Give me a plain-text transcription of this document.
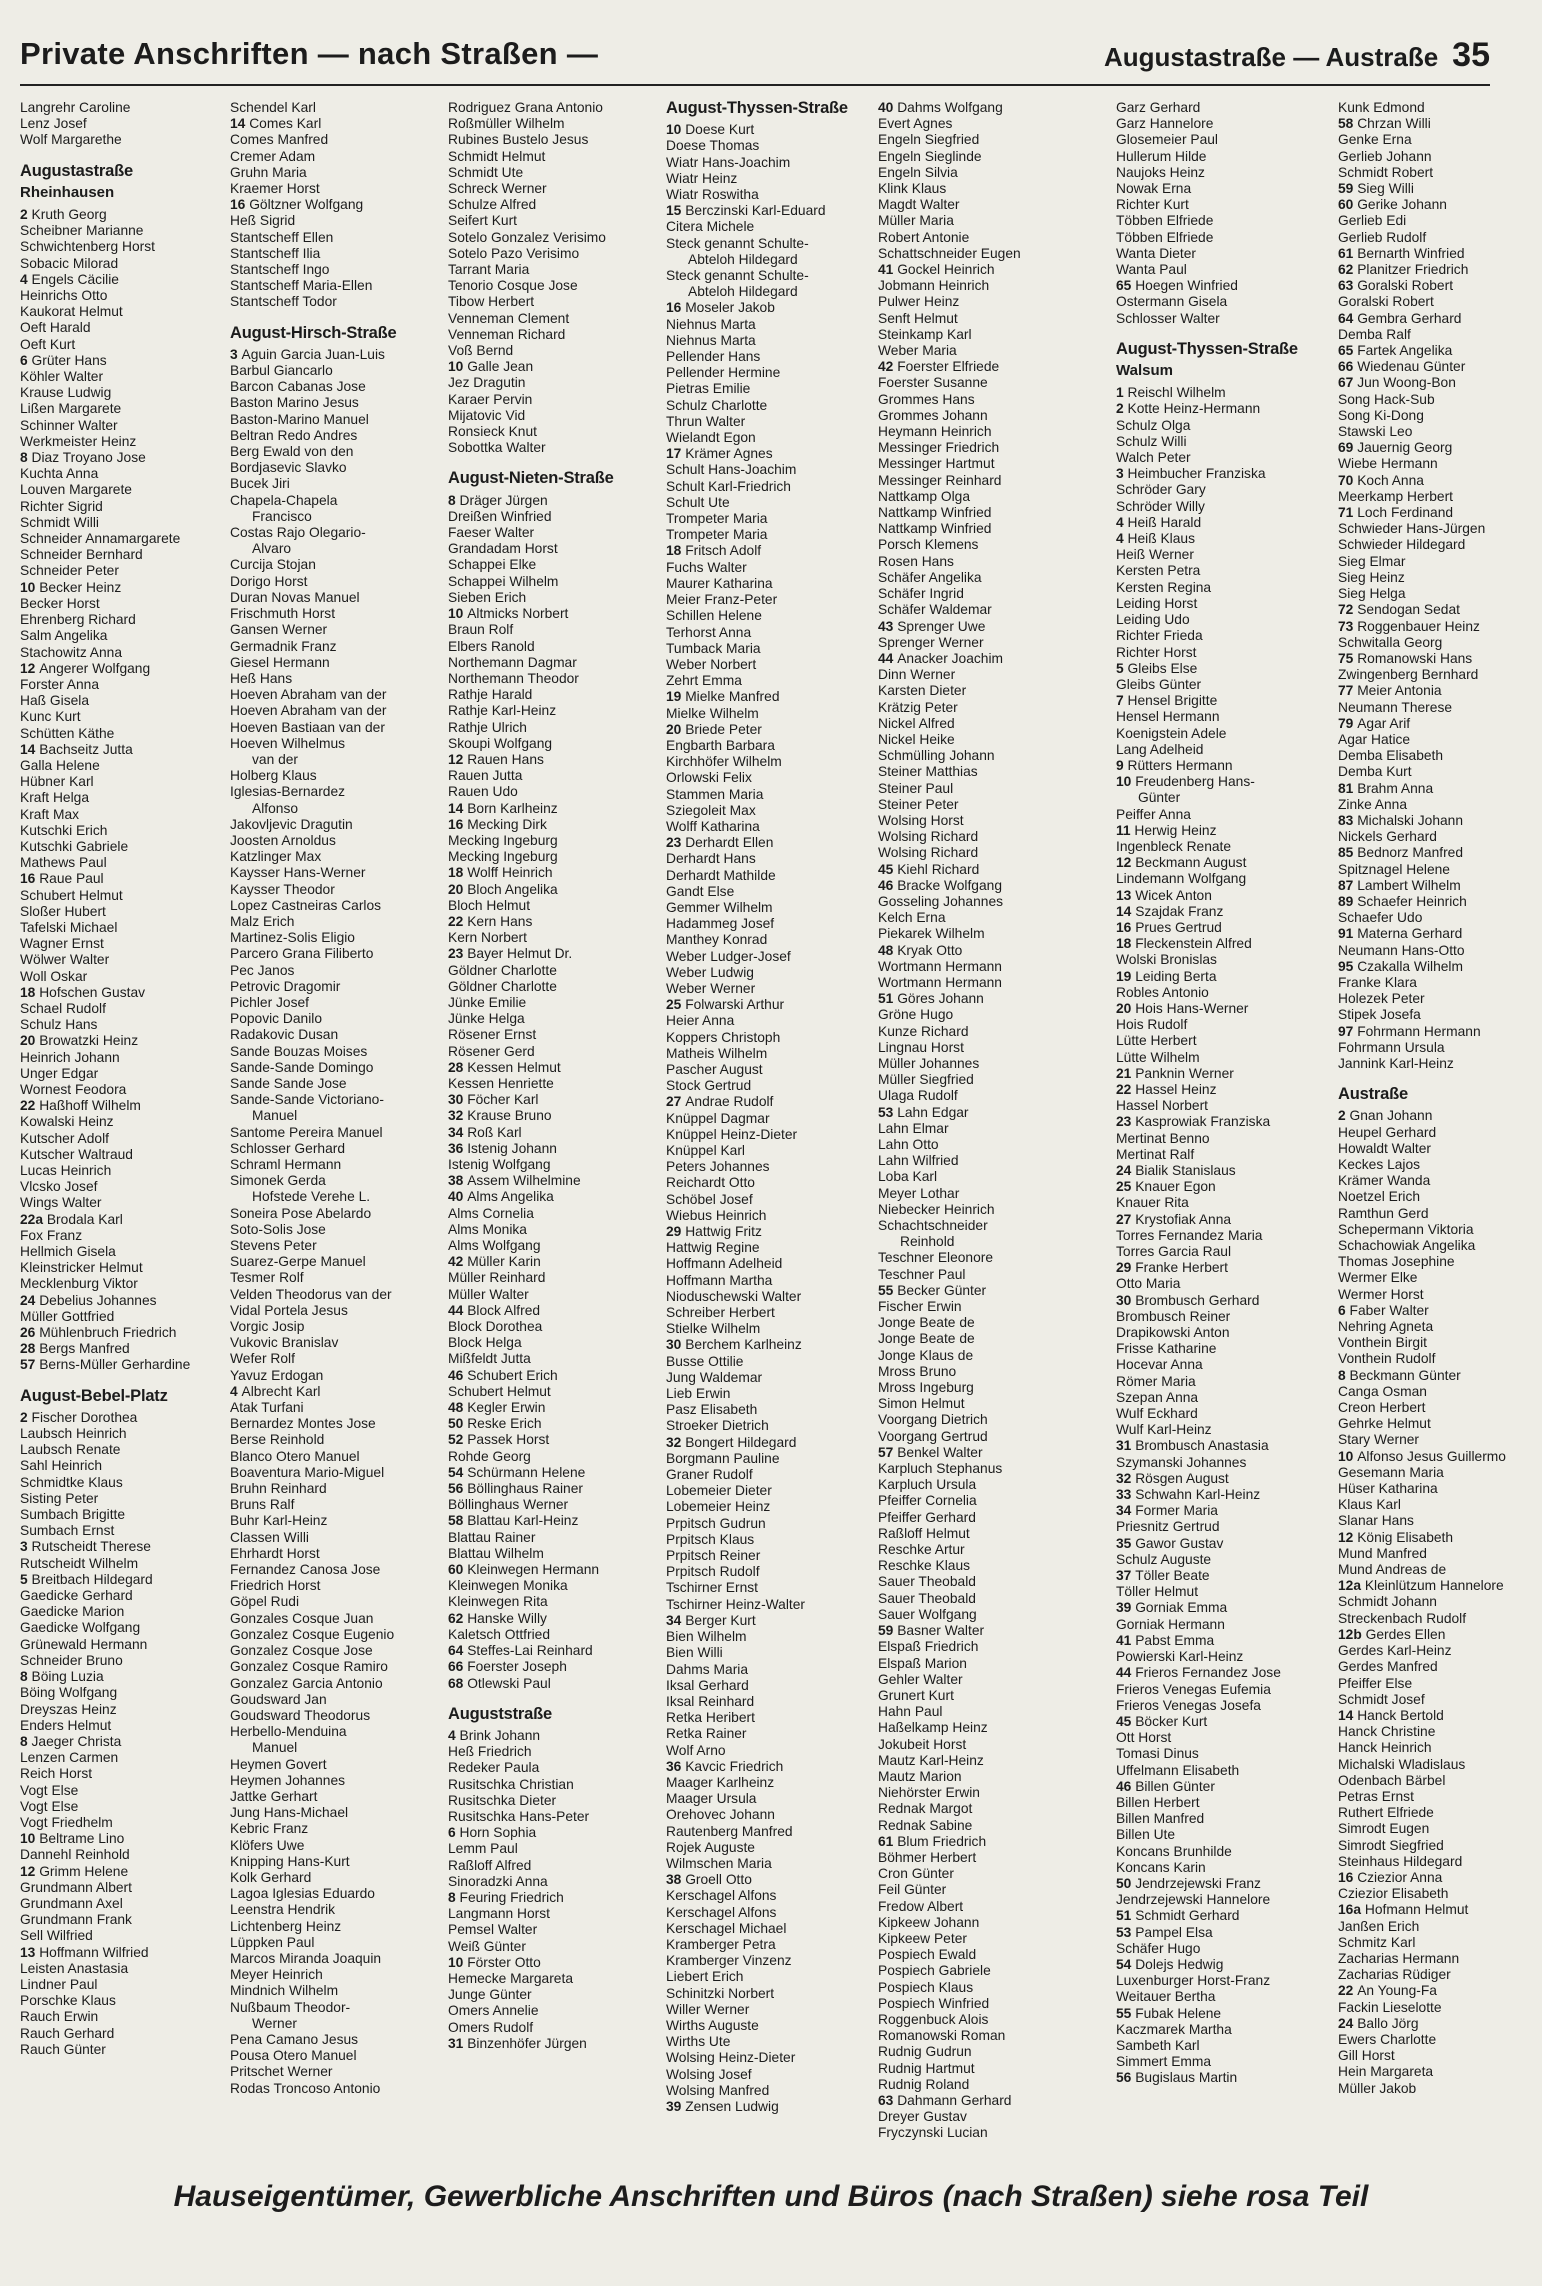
Private Anschriften — nach Straßen —	Augustastraße — Austraße 35
Langrehr Caroline
Lenz Josef
Wolf Margarethe
Augustastraße
Rheinhausen
2 Kruth Georg
Scheibner Marianne
Schwichtenberg Horst
Sobacic Milorad
4 Engels Cäcilie
Heinrichs Otto
Kaukorat Helmut
Oeft Harald
Oeft Kurt
6 Grüter Hans
Köhler Walter
Krause Ludwig
Lißen Margarete
Schinner Walter
Werkmeister Heinz
8 Diaz Troyano Jose
Kuchta Anna
Louven Margarete
Richter Sigrid
Schmidt Willi
Schneider Annamargarete
Schneider Bernhard
Schneider Peter
10 Becker Heinz
Becker Horst
Ehrenberg Richard
Salm Angelika
Stachowitz Anna
12 Angerer Wolfgang
Forster Anna
Haß Gisela
Kunc Kurt
Schütten Käthe
14 Bachseitz Jutta
Galla Helene
Hübner Karl
Kraft Helga
Kraft Max
Kutschki Erich
Kutschki Gabriele
Mathews Paul
16 Raue Paul
Schubert Helmut
Sloßer Hubert
Tafelski Michael
Wagner Ernst
Wölwer Walter
Woll Oskar
18 Hofschen Gustav
Schael Rudolf
Schulz Hans
20 Browatzki Heinz
Heinrich Johann
Unger Edgar
Wornest Feodora
22 Haßhoff Wilhelm
Kowalski Heinz
Kutscher Adolf
Kutscher Waltraud
Lucas Heinrich
Vlcsko Josef
Wings Walter
22a Brodala Karl
Fox Franz
Hellmich Gisela
Kleinstricker Helmut
Mecklenburg Viktor
24 Debelius Johannes
Müller Gottfried
26 Mühlenbruch Friedrich
28 Bergs Manfred
57 Berns-Müller Gerhardine
August-Bebel-Platz
2 Fischer Dorothea
Laubsch Heinrich
Laubsch Renate
Sahl Heinrich
Schmidtke Klaus
Sisting Peter
Sumbach Brigitte
Sumbach Ernst
3 Rutscheidt Therese
Rutscheidt Wilhelm
5 Breitbach Hildegard
Gaedicke Gerhard
Gaedicke Marion
Gaedicke Wolfgang
Grünewald Hermann
Schneider Bruno
8 Böing Luzia
Böing Wolfgang
Dreyszas Heinz
Enders Helmut
8 Jaeger Christa
Lenzen Carmen
Reich Horst
Vogt Else
Vogt Else
Vogt Friedhelm
10 Beltrame Lino
Dannehl Reinhold
12 Grimm Helene
Grundmann Albert
Grundmann Axel
Grundmann Frank
Sell Wilfried
13 Hoffmann Wilfried
Leisten Anastasia
Lindner Paul
Porschke Klaus
Rauch Erwin
Rauch Gerhard
Rauch Günter
Schendel Karl
14 Comes Karl
Comes Manfred
Cremer Adam
Gruhn Maria
Kraemer Horst
16 Göltzner Wolfgang
Heß Sigrid
Stantscheff Ellen
Stantscheff Ilia
Stantscheff Ingo
Stantscheff Maria-Ellen
Stantscheff Todor
August-Hirsch-Straße
3 Aguin Garcia Juan-Luis
Barbul Giancarlo
Barcon Cabanas Jose
Baston Marino Jesus
Baston-Marino Manuel
Beltran Redo Andres
Berg Ewald von den
Bordjasevic Slavko
Bucek Jiri
Chapela-Chapela
Francisco
Costas Rajo Olegario-
Alvaro
Curcija Stojan
Dorigo Horst
Duran Novas Manuel
Frischmuth Horst
Gansen Werner
Germadnik Franz
Giesel Hermann
Heß Hans
Hoeven Abraham van der
Hoeven Abraham van der
Hoeven Bastiaan van der
Hoeven Wilhelmus
van der
Holberg Klaus
Iglesias-Bernardez
Alfonso
Jakovljevic Dragutin
Joosten Arnoldus
Katzlinger Max
Kaysser Hans-Werner
Kaysser Theodor
Lopez Castneiras Carlos
Malz Erich
Martinez-Solis Eligio
Parcero Grana Filiberto
Pec Janos
Petrovic Dragomir
Pichler Josef
Popovic Danilo
Radakovic Dusan
Sande Bouzas Moises
Sande-Sande Domingo
Sande Sande Jose
Sande-Sande Victoriano-
Manuel
Santome Pereira Manuel
Schlosser Gerhard
Schraml Hermann
Simonek Gerda
Hofstede Verehe L.
Soneira Pose Abelardo
Soto-Solis Jose
Stevens Peter
Suarez-Gerpe Manuel
Tesmer Rolf
Velden Theodorus van der
Vidal Portela Jesus
Vorgic Josip
Vukovic Branislav
Wefer Rolf
Yavuz Erdogan
4 Albrecht Karl
Atak Turfani
Bernardez Montes Jose
Berse Reinhold
Blanco Otero Manuel
Boaventura Mario-Miguel
Bruhn Reinhard
Bruns Ralf
Buhr Karl-Heinz
Classen Willi
Ehrhardt Horst
Fernandez Canosa Jose
Friedrich Horst
Göpel Rudi
Gonzales Cosque Juan
Gonzalez Cosque Eugenio
Gonzalez Cosque Jose
Gonzalez Cosque Ramiro
Gonzalez Garcia Antonio
Goudsward Jan
Goudsward Theodorus
Herbello-Menduina
Manuel
Heymen Govert
Heymen Johannes
Jattke Gerhart
Jung Hans-Michael
Kebric Franz
Klöfers Uwe
Knipping Hans-Kurt
Kolk Gerhard
Lagoa Iglesias Eduardo
Leenstra Hendrik
Lichtenberg Heinz
Lüppken Paul
Marcos Miranda Joaquin
Meyer Heinrich
Mindnich Wilhelm
Nußbaum Theodor-
Werner
Pena Camano Jesus
Pousa Otero Manuel
Pritschet Werner
Rodas Troncoso Antonio
Rodriguez Grana Antonio
Roßmüller Wilhelm
Rubines Bustelo Jesus
Schmidt Helmut
Schmidt Ute
Schreck Werner
Schulze Alfred
Seifert Kurt
Sotelo Gonzalez Verisimo
Sotelo Pazo Verisimo
Tarrant Maria
Tenorio Cosque Jose
Tibow Herbert
Venneman Clement
Venneman Richard
Voß Bernd
10 Galle Jean
Jez Dragutin
Karaer Pervin
Mijatovic Vid
Ronsieck Knut
Sobottka Walter
August-Nieten-Straße
8 Dräger Jürgen
Dreißen Winfried
Faeser Walter
Grandadam Horst
Schappei Elke
Schappei Wilhelm
Sieben Erich
10 Altmicks Norbert
Braun Rolf
Elbers Ranold
Northemann Dagmar
Northemann Theodor
Rathje Harald
Rathje Karl-Heinz
Rathje Ulrich
Skoupi Wolfgang
12 Rauen Hans
Rauen Jutta
Rauen Udo
14 Born Karlheinz
16 Mecking Dirk
Mecking Ingeburg
Mecking Ingeburg
18 Wolff Heinrich
20 Bloch Angelika
Bloch Helmut
22 Kern Hans
Kern Norbert
23 Bayer Helmut Dr.
Göldner Charlotte
Göldner Charlotte
Jünke Emilie
Jünke Helga
Rösener Ernst
Rösener Gerd
28 Kessen Helmut
Kessen Henriette
30 Föcher Karl
32 Krause Bruno
34 Roß Karl
36 Istenig Johann
Istenig Wolfgang
38 Assem Wilhelmine
40 Alms Angelika
Alms Cornelia
Alms Monika
Alms Wolfgang
42 Müller Karin
Müller Reinhard
Müller Walter
44 Block Alfred
Block Dorothea
Block Helga
Mißfeldt Jutta
46 Schubert Erich
Schubert Helmut
48 Kegler Erwin
50 Reske Erich
52 Passek Horst
Rohde Georg
54 Schürmann Helene
56 Böllinghaus Rainer
Böllinghaus Werner
58 Blattau Karl-Heinz
Blattau Rainer
Blattau Wilhelm
60 Kleinwegen Hermann
Kleinwegen Monika
Kleinwegen Rita
62 Hanske Willy
Kaletsch Ottfried
64 Steffes-Lai Reinhard
66 Foerster Joseph
68 Otlewski Paul
Auguststraße
4 Brink Johann
Heß Friedrich
Redeker Paula
Rusitschka Christian
Rusitschka Dieter
Rusitschka Hans-Peter
6 Horn Sophia
Lemm Paul
Raßloff Alfred
Sinoradzki Anna
8 Feuring Friedrich
Langmann Horst
Pemsel Walter
Weiß Günter
10 Förster Otto
Hemecke Margareta
Junge Günter
Omers Annelie
Omers Rudolf
31 Binzenhöfer Jürgen
August-Thyssen-Straße
10 Doese Kurt
Doese Thomas
Wiatr Hans-Joachim
Wiatr Heinz
Wiatr Roswitha
15 Berczinski Karl-Eduard
Citera Michele
Steck genannt Schulte-
Abteloh Hildegard
Steck genannt Schulte-
Abteloh Hildegard
16 Moseler Jakob
Niehnus Marta
Niehnus Marta
Pellender Hans
Pellender Hermine
Pietras Emilie
Schulz Charlotte
Thrun Walter
Wielandt Egon
17 Krämer Agnes
Schult Hans-Joachim
Schult Karl-Friedrich
Schult Ute
Trompeter Maria
Trompeter Maria
18 Fritsch Adolf
Fuchs Walter
Maurer Katharina
Meier Franz-Peter
Schillen Helene
Terhorst Anna
Tumback Maria
Weber Norbert
Zehrt Emma
19 Mielke Manfred
Mielke Wilhelm
20 Briede Peter
Engbarth Barbara
Kirchhöfer Wilhelm
Orlowski Felix
Stammen Maria
Sziegoleit Max
Wolff Katharina
23 Derhardt Ellen
Derhardt Hans
Derhardt Mathilde
Gandt Else
Gemmer Wilhelm
Hadammeg Josef
Manthey Konrad
Weber Ludger-Josef
Weber Ludwig
Weber Werner
25 Folwarski Arthur
Heier Anna
Koppers Christoph
Matheis Wilhelm
Pascher August
Stock Gertrud
27 Andrae Rudolf
Knüppel Dagmar
Knüppel Heinz-Dieter
Knüppel Karl
Peters Johannes
Reichardt Otto
Schöbel Josef
Wiebus Heinrich
29 Hattwig Fritz
Hattwig Regine
Hoffmann Adelheid
Hoffmann Martha
Nioduschewski Walter
Schreiber Herbert
Stielke Wilhelm
30 Berchem Karlheinz
Busse Ottilie
Jung Waldemar
Lieb Erwin
Pasz Elisabeth
Stroeker Dietrich
32 Bongert Hildegard
Borgmann Pauline
Graner Rudolf
Lobemeier Dieter
Lobemeier Heinz
Prpitsch Gudrun
Prpitsch Klaus
Prpitsch Reiner
Prpitsch Rudolf
Tschirner Ernst
Tschirner Heinz-Walter
34 Berger Kurt
Bien Wilhelm
Bien Willi
Dahms Maria
Iksal Gerhard
Iksal Reinhard
Retka Heribert
Retka Rainer
Wolf Arno
36 Kavcic Friedrich
Maager Karlheinz
Maager Ursula
Orehovec Johann
Rautenberg Manfred
Rojek Auguste
Wilmschen Maria
38 Groell Otto
Kerschagel Alfons
Kerschagel Alfons
Kerschagel Michael
Kramberger Petra
Kramberger Vinzenz
Liebert Erich
Schinitzki Norbert
Willer Werner
Wirths Auguste
Wirths Ute
Wolsing Heinz-Dieter
Wolsing Josef
Wolsing Manfred
39 Zensen Ludwig
40 Dahms Wolfgang
Evert Agnes
Engeln Siegfried
Engeln Sieglinde
Engeln Silvia
Klink Klaus
Magdt Walter
Müller Maria
Robert Antonie
Schattschneider Eugen
41 Gockel Heinrich
Jobmann Heinrich
Pulwer Heinz
Senft Helmut
Steinkamp Karl
Weber Maria
42 Foerster Elfriede
Foerster Susanne
Grommes Hans
Grommes Johann
Heymann Heinrich
Messinger Friedrich
Messinger Hartmut
Messinger Reinhard
Nattkamp Olga
Nattkamp Winfried
Nattkamp Winfried
Porsch Klemens
Rosen Hans
Schäfer Angelika
Schäfer Ingrid
Schäfer Waldemar
43 Sprenger Uwe
Sprenger Werner
44 Anacker Joachim
Dinn Werner
Karsten Dieter
Krätzig Peter
Nickel Alfred
Nickel Heike
Schmülling Johann
Steiner Matthias
Steiner Paul
Steiner Peter
Wolsing Horst
Wolsing Richard
Wolsing Richard
45 Kiehl Richard
46 Bracke Wolfgang
Gosseling Johannes
Kelch Erna
Piekarek Wilhelm
48 Kryak Otto
Wortmann Hermann
Wortmann Hermann
51 Göres Johann
Gröne Hugo
Kunze Richard
Lingnau Horst
Müller Johannes
Müller Siegfried
Ulaga Rudolf
53 Lahn Edgar
Lahn Elmar
Lahn Otto
Lahn Wilfried
Loba Karl
Meyer Lothar
Niebecker Heinrich
Schachtschneider
Reinhold
Teschner Eleonore
Teschner Paul
55 Becker Günter
Fischer Erwin
Jonge Beate de
Jonge Beate de
Jonge Klaus de
Mross Bruno
Mross Ingeburg
Simon Helmut
Voorgang Dietrich
Voorgang Gertrud
57 Benkel Walter
Karpluch Stephanus
Karpluch Ursula
Pfeiffer Cornelia
Pfeiffer Gerhard
Raßloff Helmut
Reschke Artur
Reschke Klaus
Sauer Theobald
Sauer Theobald
Sauer Wolfgang
59 Basner Walter
Elspaß Friedrich
Elspaß Marion
Gehler Walter
Grunert Kurt
Hahn Paul
Haßelkamp Heinz
Jokubeit Horst
Mautz Karl-Heinz
Mautz Marion
Niehörster Erwin
Rednak Margot
Rednak Sabine
61 Blum Friedrich
Böhmer Herbert
Cron Günter
Feil Günter
Fredow Albert
Kipkeew Johann
Kipkeew Peter
Pospiech Ewald
Pospiech Gabriele
Pospiech Klaus
Pospiech Winfried
Roggenbuck Alois
Romanowski Roman
Rudnig Gudrun
Rudnig Hartmut
Rudnig Roland
63 Dahmann Gerhard
Dreyer Gustav
Fryczynski Lucian
Garz Gerhard
Garz Hannelore
Glosemeier Paul
Hullerum Hilde
Naujoks Heinz
Nowak Erna
Richter Kurt
Többen Elfriede
Többen Elfriede
Wanta Dieter
Wanta Paul
65 Hoegen Winfried
Ostermann Gisela
Schlosser Walter
August-Thyssen-Straße
Walsum
1 Reischl Wilhelm
2 Kotte Heinz-Hermann
Schulz Olga
Schulz Willi
Walch Peter
3 Heimbucher Franziska
Schröder Gary
Schröder Willy
4 Heiß Harald
4 Heiß Klaus
Heiß Werner
Kersten Petra
Kersten Regina
Leiding Horst
Leiding Udo
Richter Frieda
Richter Horst
5 Gleibs Else
Gleibs Günter
7 Hensel Brigitte
Hensel Hermann
Koenigstein Adele
Lang Adelheid
9 Rütters Hermann
10 Freudenberg Hans-
Günter
Peiffer Anna
11 Herwig Heinz
Ingenbleck Renate
12 Beckmann August
Lindemann Wolfgang
13 Wicek Anton
14 Szajdak Franz
16 Prues Gertrud
18 Fleckenstein Alfred
Wolski Bronislas
19 Leiding Berta
Robles Antonio
20 Hois Hans-Werner
Hois Rudolf
Lütte Herbert
Lütte Wilhelm
21 Panknin Werner
22 Hassel Heinz
Hassel Norbert
23 Kasprowiak Franziska
Mertinat Benno
Mertinat Ralf
24 Bialik Stanislaus
25 Knauer Egon
Knauer Rita
27 Krystofiak Anna
Torres Fernandez Maria
Torres Garcia Raul
29 Franke Herbert
Otto Maria
30 Brombusch Gerhard
Brombusch Reiner
Drapikowski Anton
Frisse Katharine
Hocevar Anna
Römer Maria
Szepan Anna
Wulf Eckhard
Wulf Karl-Heinz
31 Brombusch Anastasia
Szymanski Johannes
32 Rösgen August
33 Schwahn Karl-Heinz
34 Former Maria
Priesnitz Gertrud
35 Gawor Gustav
Schulz Auguste
37 Töller Beate
Töller Helmut
39 Gorniak Emma
Gorniak Hermann
41 Pabst Emma
Powierski Karl-Heinz
44 Frieros Fernandez Jose
Frieros Venegas Eufemia
Frieros Venegas Josefa
45 Böcker Kurt
Ott Horst
Tomasi Dinus
Uffelmann Elisabeth
46 Billen Günter
Billen Herbert
Billen Manfred
Billen Ute
Koncans Brunhilde
Koncans Karin
50 Jendrzejewski Franz
Jendrzejewski Hannelore
51 Schmidt Gerhard
53 Pampel Elsa
Schäfer Hugo
54 Dolejs Hedwig
Luxenburger Horst-Franz
Weitauer Bertha
55 Fubak Helene
Kaczmarek Martha
Sambeth Karl
Simmert Emma
56 Bugislaus Martin
Kunk Edmond
58 Chrzan Willi
Genke Erna
Gerlieb Johann
Schmidt Robert
59 Sieg Willi
60 Gerike Johann
Gerlieb Edi
Gerlieb Rudolf
61 Bernarth Winfried
62 Planitzer Friedrich
63 Goralski Robert
Goralski Robert
64 Gembra Gerhard
Demba Ralf
65 Fartek Angelika
66 Wiedenau Günter
67 Jun Woong-Bon
Song Hack-Sub
Song Ki-Dong
Stawski Leo
69 Jauernig Georg
Wiebe Hermann
70 Koch Anna
Meerkamp Herbert
71 Loch Ferdinand
Schwieder Hans-Jürgen
Schwieder Hildegard
Sieg Elmar
Sieg Heinz
Sieg Helga
72 Sendogan Sedat
73 Roggenbauer Heinz
Schwitalla Georg
75 Romanowski Hans
Zwingenberg Bernhard
77 Meier Antonia
Neumann Therese
79 Agar Arif
Agar Hatice
Demba Elisabeth
Demba Kurt
81 Brahm Anna
Zinke Anna
83 Michalski Johann
Nickels Gerhard
85 Bednorz Manfred
Spitznagel Helene
87 Lambert Wilhelm
89 Schaefer Heinrich
Schaefer Udo
91 Materna Gerhard
Neumann Hans-Otto
95 Czakalla Wilhelm
Franke Klara
Holezek Peter
Stipek Josefa
97 Fohrmann Hermann
Fohrmann Ursula
Jannink Karl-Heinz
Austraße
2 Gnan Johann
Heupel Gerhard
Howaldt Walter
Keckes Lajos
Krämer Wanda
Noetzel Erich
Ramthun Gerd
Schepermann Viktoria
Schachowiak Angelika
Thomas Josephine
Wermer Elke
Wermer Horst
6 Faber Walter
Nehring Agneta
Vonthein Birgit
Vonthein Rudolf
8 Beckmann Günter
Canga Osman
Creon Herbert
Gehrke Helmut
Stary Werner
10 Alfonso Jesus Guillermo
Gesemann Maria
Hüser Katharina
Klaus Karl
Slanar Hans
12 König Elisabeth
Mund Manfred
Mund Andreas de
12a Kleinlützum Hannelore
Schmidt Johann
Streckenbach Rudolf
12b Gerdes Ellen
Gerdes Karl-Heinz
Gerdes Manfred
Pfeiffer Else
Schmidt Josef
14 Hanck Bertold
Hanck Christine
Hanck Heinrich
Michalski Wladislaus
Odenbach Bärbel
Petras Ernst
Ruthert Elfriede
Simrodt Eugen
Simrodt Siegfried
Steinhaus Hildegard
16 Cziezior Anna
Cziezior Elisabeth
16a Hofmann Helmut
Janßen Erich
Schmitz Karl
Zacharias Hermann
Zacharias Rüdiger
22 An Young-Fa
Fackin Lieselotte
24 Ballo Jörg
Ewers Charlotte
Gill Horst
Hein Margareta
Müller Jakob
Hauseigentümer, Gewerbliche Anschriften und Büros (nach Straßen) siehe rosa Teil
